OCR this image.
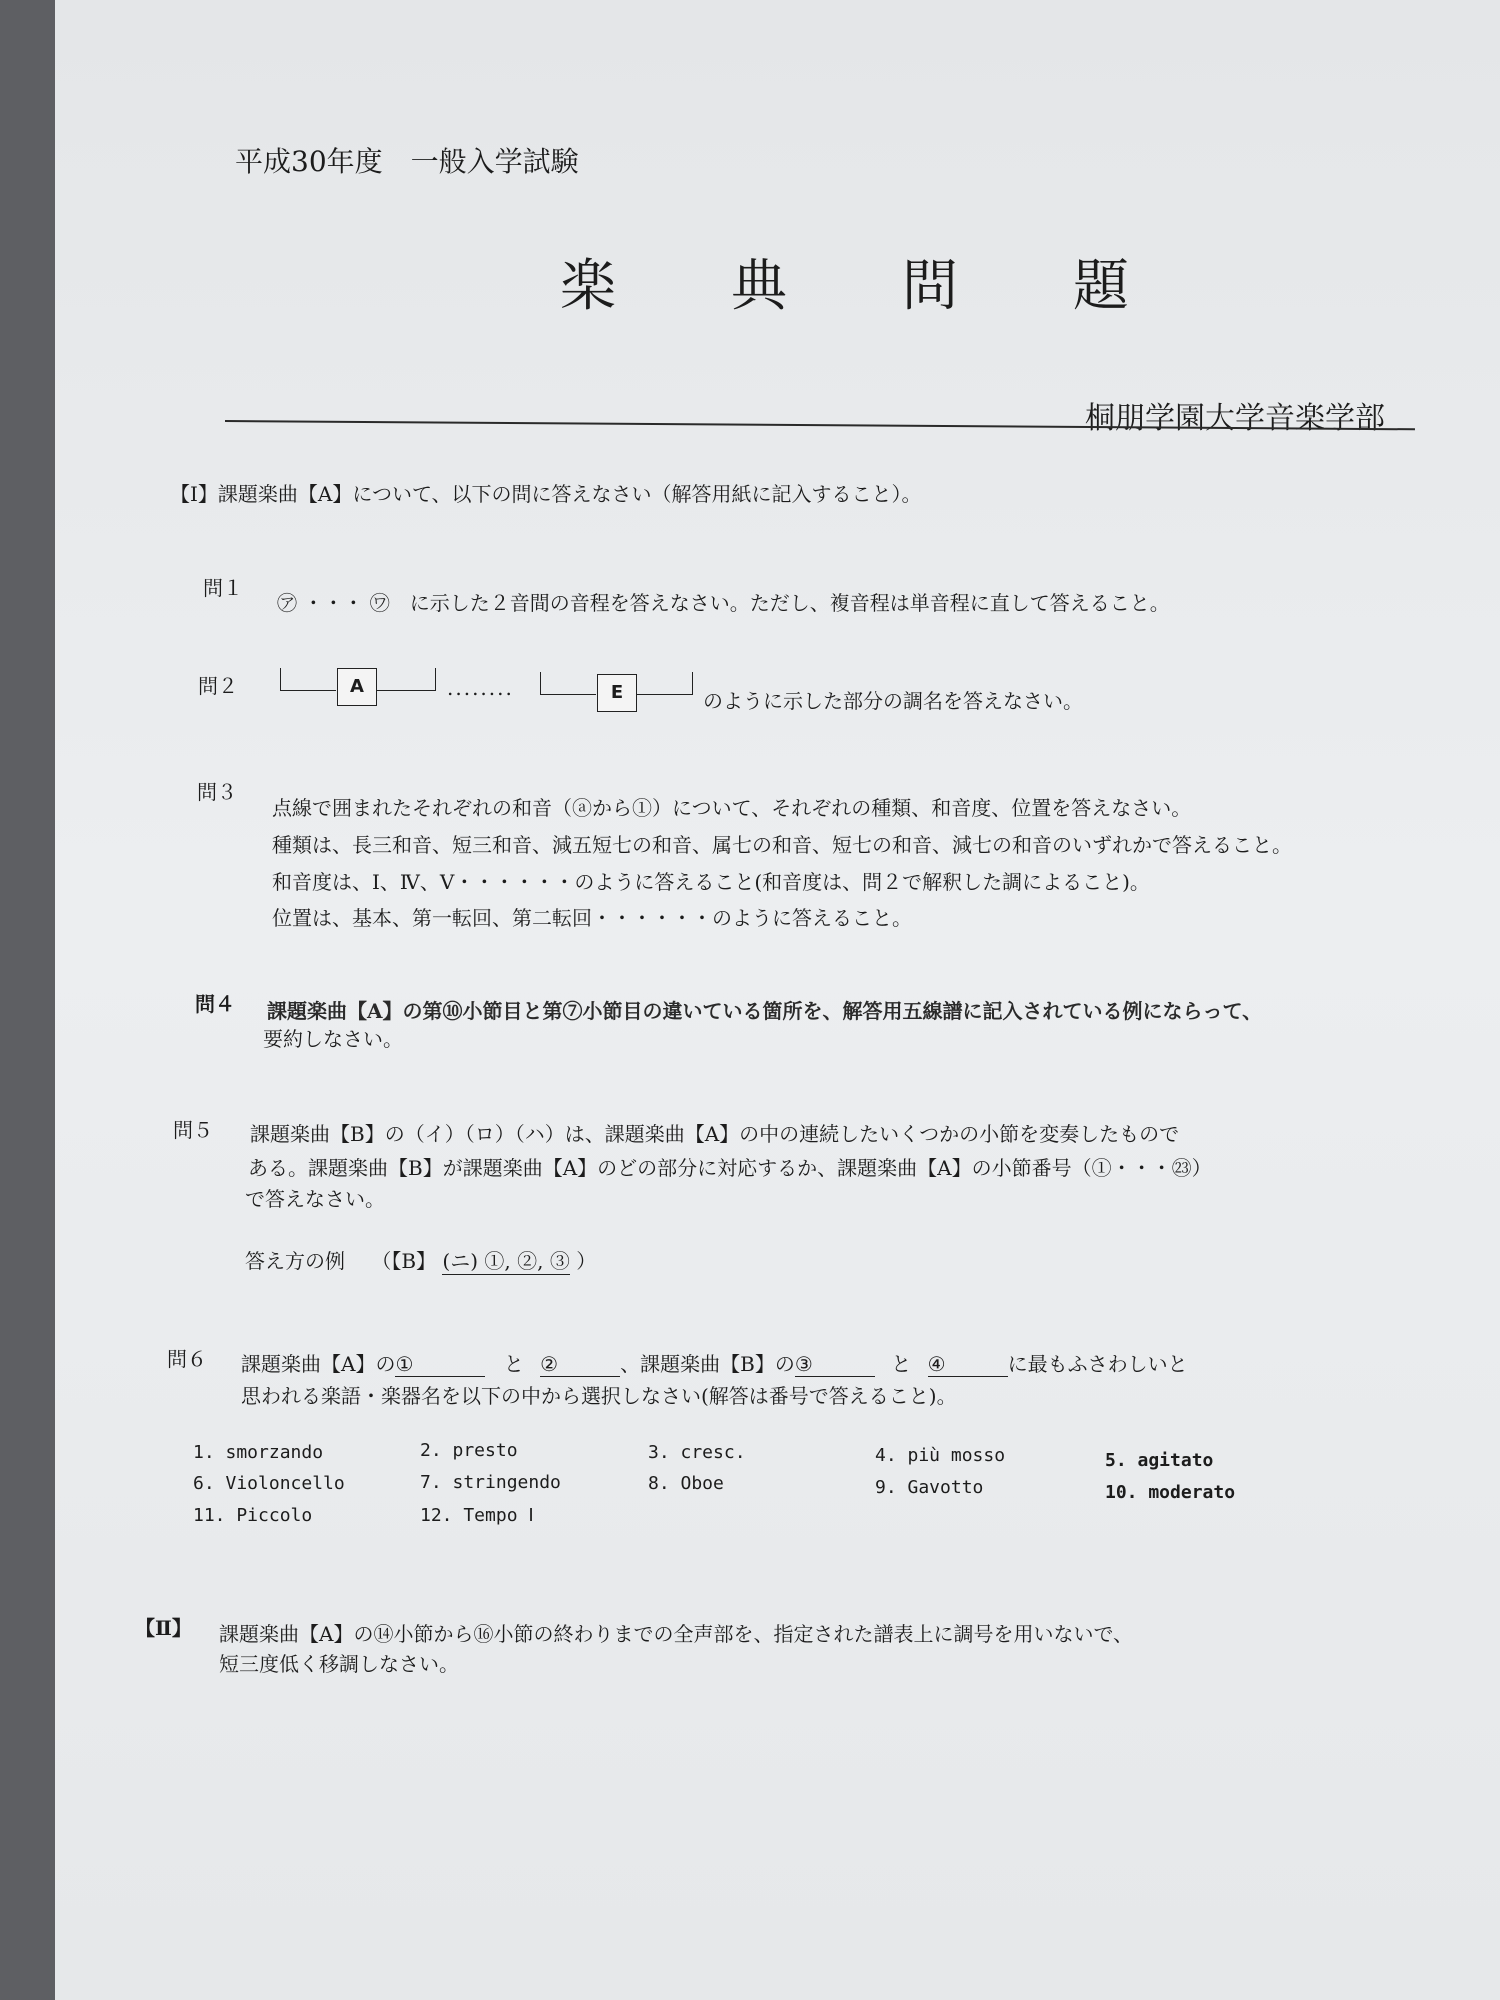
平成30年度　一般入学試験
楽典問題
桐朋学園大学音楽学部
【Ⅰ】課題楽曲【A】について、以下の問に答えなさい（解答用紙に記入すること）。
問１
㋐ ・・・ ㋻　に示した２音間の音程を答えなさい。ただし、複音程は単音程に直して答えること。
問２	A	........	E	のように示した部分の調名を答えなさい。
問３
点線で囲まれたそれぞれの和音（ⓐから①）について、それぞれの種類、和音度、位置を答えなさい。
種類は、長三和音、短三和音、減五短七の和音、属七の和音、短七の和音、減七の和音のいずれかで答えること。
和音度は、Ⅰ、Ⅳ、Ⅴ・・・・・・のように答えること(和音度は、問２で解釈した調によること)。
位置は、基本、第一転回、第二転回・・・・・・のように答えること。
問４ 課題楽曲【A】の第⑩小節目と第⑦小節目の違いている箇所を、解答用五線譜に記入されている例にならって、
要約しなさい。
問５ 課題楽曲【B】の（イ）（ロ）（ハ）は、課題楽曲【A】の中の連続したいくつかの小節を変奏したもので
ある。課題楽曲【B】が課題楽曲【A】のどの部分に対応するか、課題楽曲【A】の小節番号（①・・・㉓）
で答えなさい。
答え方の例 （【B】 (ニ) ①, ②, ③ ）
問６ 課題楽曲【A】の①	と ②	、課題楽曲【B】の③	と ④	に最もふさわしいと
思われる楽語・楽器名を以下の中から選択しなさい(解答は番号で答えること)。
1. smorzando	2. presto	3. cresc.	4. più mosso	5. agitato
6. Violoncello	7. stringendo	8. Oboe	9. Gavotto	10. moderato
11. Piccolo	12. Tempo Ⅰ
【Ⅱ】 課題楽曲【A】の⑭小節から⑯小節の終わりまでの全声部を、指定された譜表上に調号を用いないで、
短三度低く移調しなさい。
